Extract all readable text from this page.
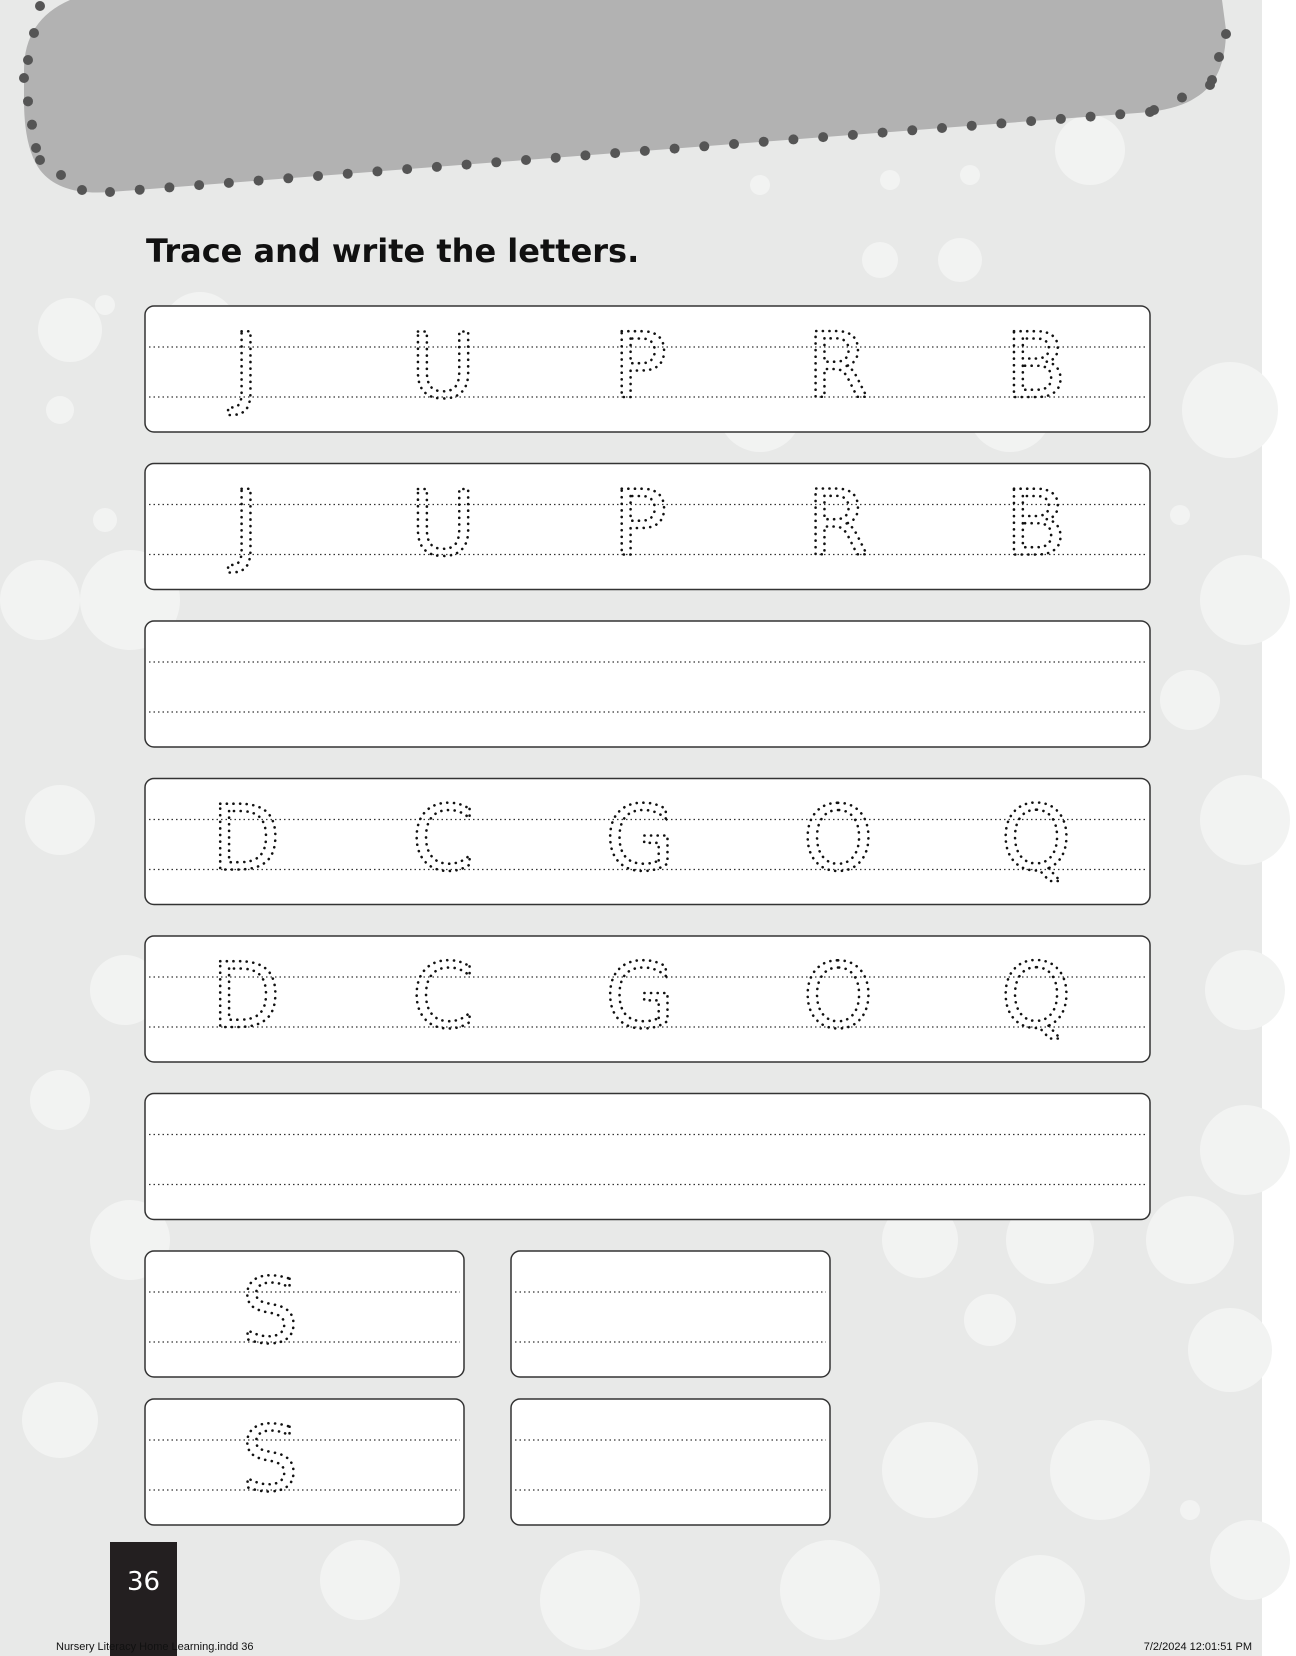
Trace and write the letters.
J U P R B
J U P R B
D C G O Q
D C G O Q
S
S
36
Nursery Literacy Home Learning.indd 36	7/2/2024 12:01:51 PM
